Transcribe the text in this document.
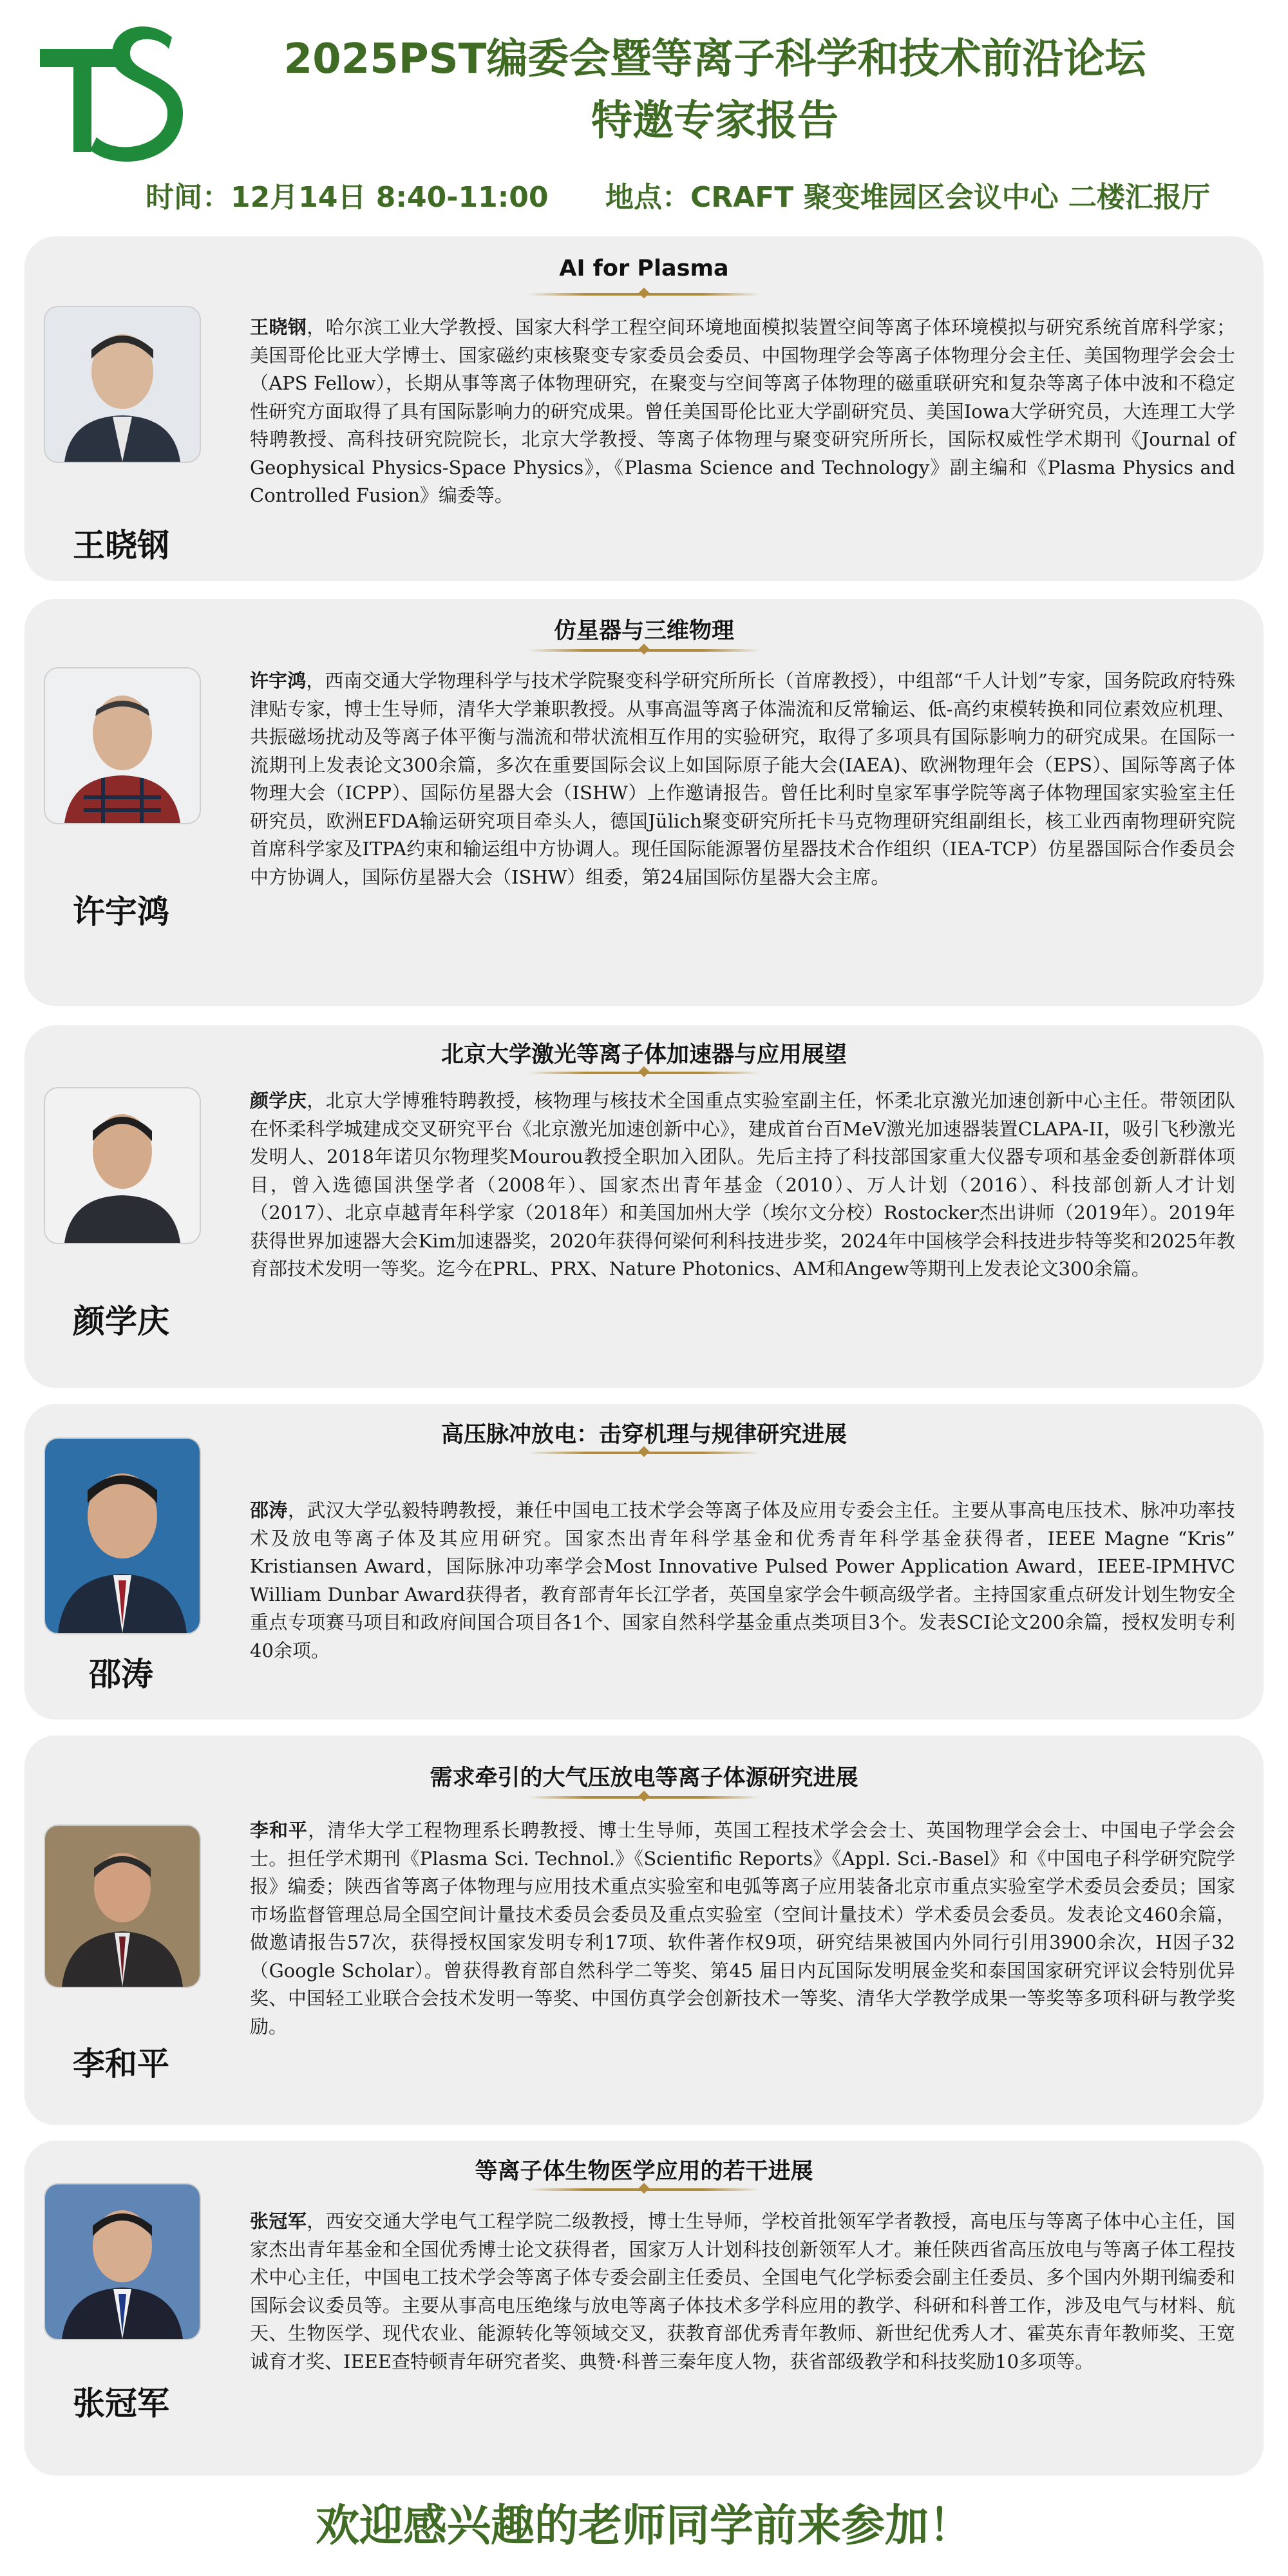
2025PST编委会暨等离子科学和技术前沿论坛
特邀专家报告
时间：12月14日 8:40-11:00 地点：CRAFT 聚变堆园区会议中心 二楼汇报厅
AI for Plasma
王晓钢
王晓钢，哈尔滨工业大学教授、国家大科学工程空间环境地面模拟装置空间等离子体环境模拟与研究系统首席科学家；美国哥伦比亚大学博士、国家磁约束核聚变专家委员会委员、中国物理学会等离子体物理分会主任、美国物理学会会士（APS Fellow），长期从事等离子体物理研究，在聚变与空间等离子体物理的磁重联研究和复杂等离子体中波和不稳定性研究方面取得了具有国际影响力的研究成果。曾任美国哥伦比亚大学副研究员、美国Iowa大学研究员，大连理工大学特聘教授、高科技研究院院长，北京大学教授、等离子体物理与聚变研究所所长，国际权威性学术期刊《Journal of Geophysical Physics-Space Physics》，《Plasma Science and Technology》副主编和《Plasma Physics and Controlled Fusion》编委等。
仿星器与三维物理
许宇鸿
许宇鸿，西南交通大学物理科学与技术学院聚变科学研究所所长（首席教授），中组部“千人计划”专家，国务院政府特殊津贴专家，博士生导师，清华大学兼职教授。从事高温等离子体湍流和反常输运、低-高约束模转换和同位素效应机理、共振磁场扰动及等离子体平衡与湍流和带状流相互作用的实验研究，取得了多项具有国际影响力的研究成果。在国际一流期刊上发表论文300余篇，多次在重要国际会议上如国际原子能大会(IAEA)、欧洲物理年会（EPS）、国际等离子体物理大会（ICPP）、国际仿星器大会（ISHW）上作邀请报告。曾任比利时皇家军事学院等离子体物理国家实验室主任研究员，欧洲EFDA输运研究项目牵头人，德国Jülich聚变研究所托卡马克物理研究组副组长，核工业西南物理研究院首席科学家及ITPA约束和输运组中方协调人。现任国际能源署仿星器技术合作组织（IEA-TCP）仿星器国际合作委员会中方协调人，国际仿星器大会（ISHW）组委，第24届国际仿星器大会主席。
北京大学激光等离子体加速器与应用展望
颜学庆
颜学庆，北京大学博雅特聘教授，核物理与核技术全国重点实验室副主任，怀柔北京激光加速创新中心主任。带领团队在怀柔科学城建成交叉研究平台《北京激光加速创新中心》，建成首台百MeV激光加速器装置CLAPA-II，吸引飞秒激光发明人、2018年诺贝尔物理奖Mourou教授全职加入团队。先后主持了科技部国家重大仪器专项和基金委创新群体项目，曾入选德国洪堡学者（2008年）、国家杰出青年基金（2010）、万人计划（2016）、科技部创新人才计划（2017）、北京卓越青年科学家（2018年）和美国加州大学（埃尔文分校）Rostocker杰出讲师（2019年）。2019年获得世界加速器大会Kim加速器奖，2020年获得何梁何利科技进步奖，2024年中国核学会科技进步特等奖和2025年教育部技术发明一等奖。迄今在PRL、PRX、Nature Photonics、AM和Angew等期刊上发表论文300余篇。
高压脉冲放电：击穿机理与规律研究进展
邵涛
邵涛，武汉大学弘毅特聘教授，兼任中国电工技术学会等离子体及应用专委会主任。主要从事高电压技术、脉冲功率技术及放电等离子体及其应用研究。国家杰出青年科学基金和优秀青年科学基金获得者，IEEE Magne “Kris” Kristiansen Award，国际脉冲功率学会Most Innovative Pulsed Power Application Award，IEEE-IPMHVC William Dunbar Award获得者，教育部青年长江学者，英国皇家学会牛顿高级学者。主持国家重点研发计划生物安全重点专项赛马项目和政府间国合项目各1个、国家自然科学基金重点类项目3个。发表SCI论文200余篇，授权发明专利40余项。
需求牵引的大气压放电等离子体源研究进展
李和平
李和平，清华大学工程物理系长聘教授、博士生导师，英国工程技术学会会士、英国物理学会会士、中国电子学会会士。担任学术期刊《Plasma Sci. Technol.》《Scientific Reports》《Appl. Sci.-Basel》和《中国电子科学研究院学报》编委；陕西省等离子体物理与应用技术重点实验室和电弧等离子应用装备北京市重点实验室学术委员会委员；国家市场监督管理总局全国空间计量技术委员会委员及重点实验室（空间计量技术）学术委员会委员。发表论文460余篇，做邀请报告57次，获得授权国家发明专利17项、软件著作权9项，研究结果被国内外同行引用3900余次，H因子32（Google Scholar）。曾获得教育部自然科学二等奖、第45 届日内瓦国际发明展金奖和泰国国家研究评议会特别优异奖、中国轻工业联合会技术发明一等奖、中国仿真学会创新技术一等奖、清华大学教学成果一等奖等多项科研与教学奖励。
等离子体生物医学应用的若干进展
张冠军
张冠军，西安交通大学电气工程学院二级教授，博士生导师，学校首批领军学者教授，高电压与等离子体中心主任，国家杰出青年基金和全国优秀博士论文获得者，国家万人计划科技创新领军人才。兼任陕西省高压放电与等离子体工程技术中心主任，中国电工技术学会等离子体专委会副主任委员、全国电气化学标委会副主任委员、多个国内外期刊编委和国际会议委员等。主要从事高电压绝缘与放电等离子体技术多学科应用的教学、科研和科普工作，涉及电气与材料、航天、生物医学、现代农业、能源转化等领域交叉，获教育部优秀青年教师、新世纪优秀人才、霍英东青年教师奖、王宽诚育才奖、IEEE查特顿青年研究者奖、典赞·科普三秦年度人物，获省部级教学和科技奖励10多项等。
欢迎感兴趣的老师同学前来参加！
